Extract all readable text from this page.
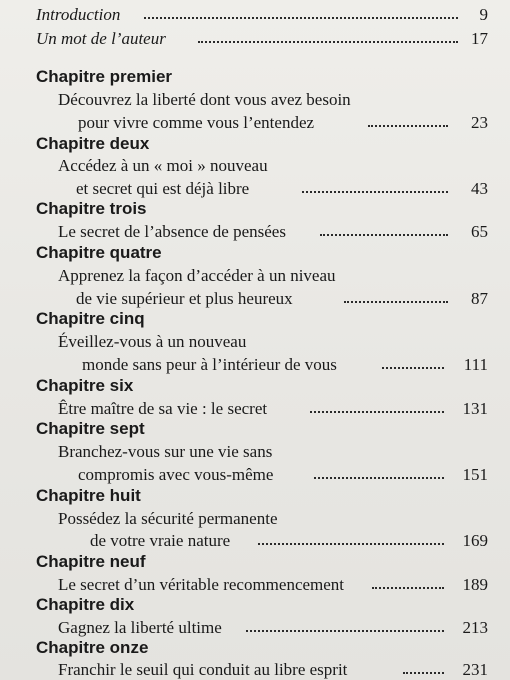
Introduction	9
Un mot de l’auteur	17
Chapitre premier
Découvrez la liberté dont vous avez besoin
pour vivre comme vous l’entendez	23
Chapitre deux
Accédez à un « moi » nouveau
et secret qui est déjà libre	43
Chapitre trois
Le secret de l’absence de pensées	65
Chapitre quatre
Apprenez la façon d’accéder à un niveau
de vie supérieur et plus heureux	87
Chapitre cinq
Éveillez-vous à un nouveau
monde sans peur à l’intérieur de vous	111
Chapitre six
Être maître de sa vie : le secret	131
Chapitre sept
Branchez-vous sur une vie sans
compromis avec vous-même	151
Chapitre huit
Possédez la sécurité permanente
de votre vraie nature	169
Chapitre neuf
Le secret d’un véritable recommencement	189
Chapitre dix
Gagnez la liberté ultime	213
Chapitre onze
Franchir le seuil qui conduit au libre esprit	231
